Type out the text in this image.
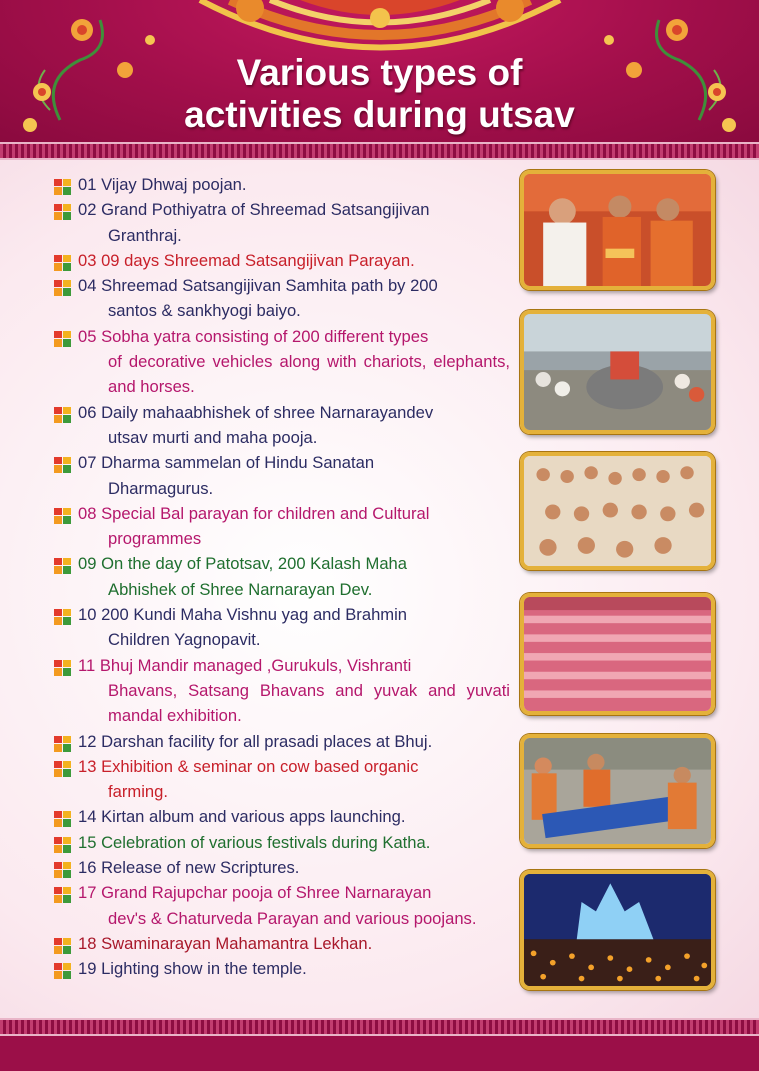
Various types of
activities during utsav
01 Vijay Dhwaj poojan.
02 Grand Pothiyatra of Shreemad Satsangijivan
Granthraj.
03 09 days Shreemad Satsangijivan Parayan.
04 Shreemad Satsangijivan Samhita path by 200
santos & sankhyogi baiyo.
05 Sobha yatra consisting of 200 different types
of decorative vehicles along with chariots, elephants, and horses.
06 Daily mahaabhishek of shree Narnarayandev
utsav murti and maha pooja.
07 Dharma sammelan of Hindu Sanatan
Dharmagurus.
08 Special Bal parayan for children and Cultural
programmes
09 On the day of Patotsav, 200 Kalash Maha
Abhishek of Shree Narnarayan Dev.
10 200 Kundi Maha Vishnu yag and Brahmin
Children Yagnopavit.
11 Bhuj Mandir managed ,Gurukuls, Vishranti
Bhavans, Satsang Bhavans and yuvak and yuvati mandal exhibition.
12 Darshan facility for all prasadi places at Bhuj.
13 Exhibition & seminar on cow based organic
farming.
14 Kirtan album and various apps launching.
15 Celebration of various festivals during Katha.
16 Release of new Scriptures.
17 Grand Rajupchar pooja of Shree Narnarayan
dev's & Chaturveda Parayan and various poojans.
18 Swaminarayan Mahamantra Lekhan.
19 Lighting show in the temple.
